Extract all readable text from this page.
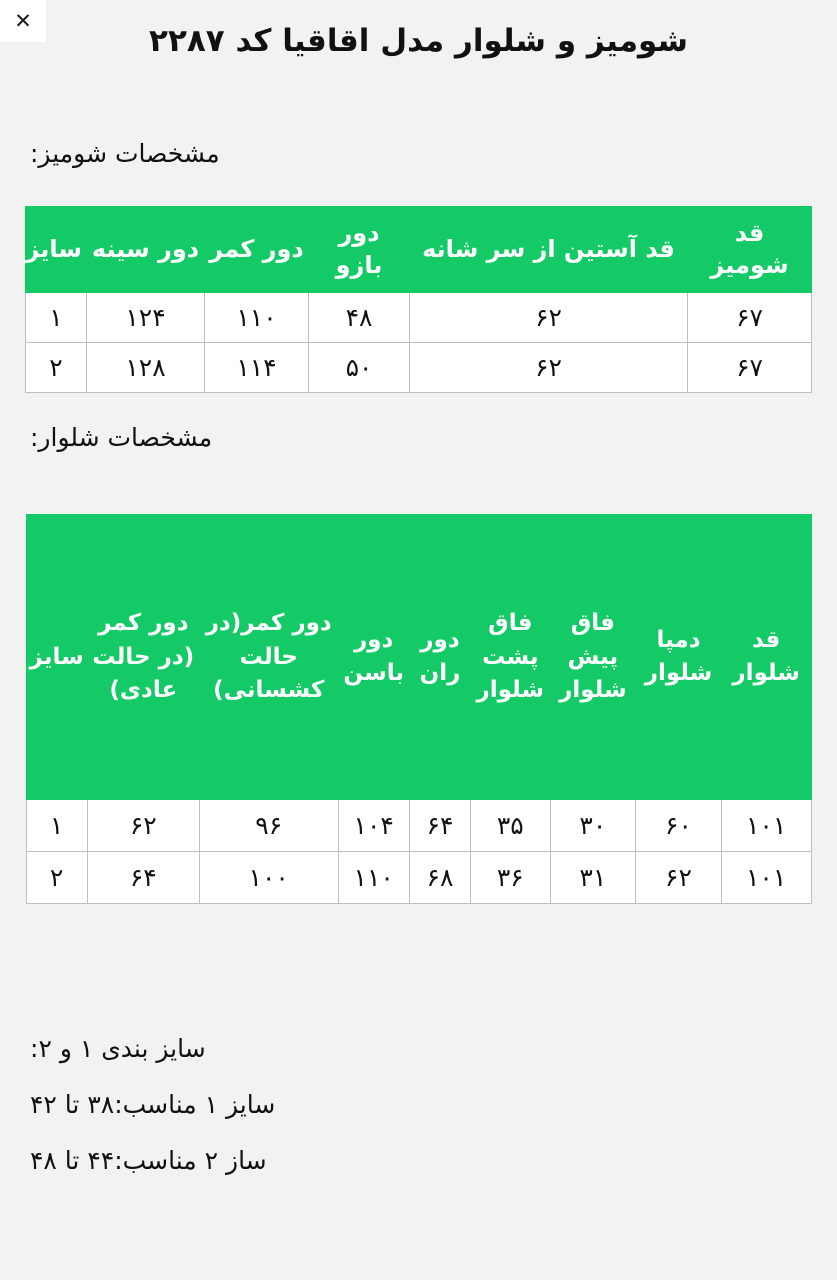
✕
شومیز و شلوار مدل اقاقیا کد ۲۲۸۷
مشخصات شومیز:
قد شومیز	قد آستین از سر شانه	دور بازو	دور کمر	دور سینه	سایز
۶۷	۶۲	۴۸	۱۱۰	۱۲۴	۱
۶۷	۶۲	۵۰	۱۱۴	۱۲۸	۲
مشخصات شلوار:
قد شلوار	دمپا شلوار	فاق پیش شلوار	فاق پشت شلوار	دور ران	دور باسن	دور کمر(در حالت کشسانی)	دور کمر (در حالت عادی)	سایز
۱۰۱	۶۰	۳۰	۳۵	۶۴	۱۰۴	۹۶	۶۲	۱
۱۰۱	۶۲	۳۱	۳۶	۶۸	۱۱۰	۱۰۰	۶۴	۲
سایز بندی ۱ و ۲:
سایز ۱ مناسب:۳۸ تا ۴۲
ساز ۲ مناسب:۴۴ تا ۴۸
